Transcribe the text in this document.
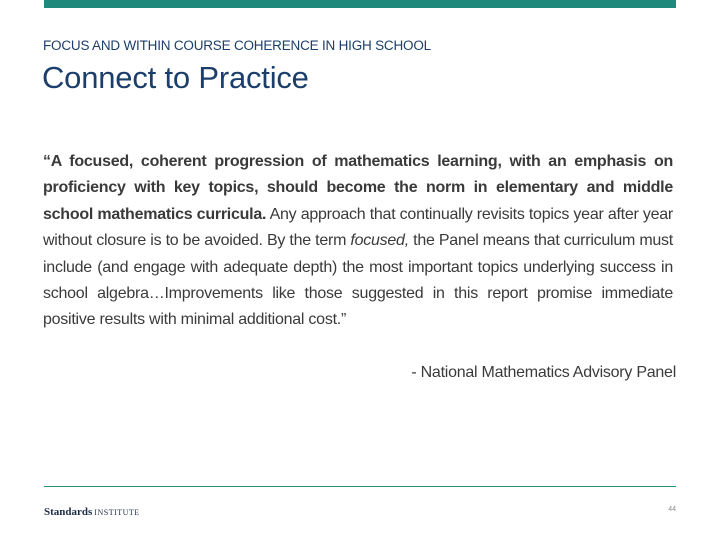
FOCUS AND WITHIN COURSE COHERENCE IN HIGH SCHOOL
Connect to Practice

“A focused, coherent progression of mathematics learning, with an emphasis on proficiency with key topics, should become the norm in elementary and middle school mathematics curricula. Any approach that continually revisits topics year after year without closure is to be avoided. By the term focused, the Panel means that curriculum must include (and engage with adequate depth) the most important topics underlying success in school algebra…Improvements like those suggested in this report promise immediate positive results with minimal additional cost.”

- National Mathematics Advisory Panel
Standards INSTITUTE	44
